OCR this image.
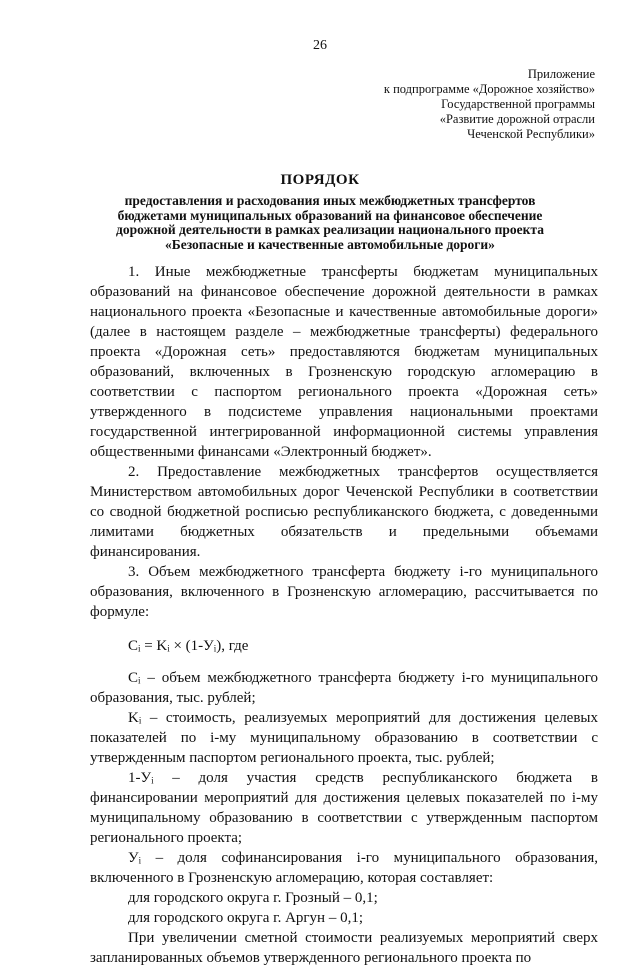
26
Приложение
к подпрограмме «Дорожное хозяйство»
Государственной программы
«Развитие дорожной отрасли
Чеченской Республики»
ПОРЯДОК
предоставления и расходования иных межбюджетных трансфертов
бюджетами муниципальных образований на финансовое обеспечение
дорожной деятельности в рамках реализации национального проекта
«Безопасные и качественные автомобильные дороги»

1. Иные межбюджетные трансферты бюджетам муниципальных образований на финансовое обеспечение дорожной деятельности в рамках национального проекта «Безопасные и качественные автомобильные дороги» (далее в настоящем разделе – межбюджетные трансферты) федерального проекта «Дорожная сеть» предоставляются бюджетам муниципальных образований, включенных в Грозненскую городскую агломерацию в соответствии с паспортом регионального проекта «Дорожная сеть» утвержденного в подсистеме управления национальными проектами государственной интегрированной информационной системы управления общественными финансами «Электронный бюджет».

2. Предоставление межбюджетных трансфертов осуществляется Министерством автомобильных дорог Чеченской Республики в соответствии со сводной бюджетной росписью республиканского бюджета, с доведенными лимитами бюджетных обязательств и предельными объемами финансирования.

3. Объем межбюджетного трансферта бюджету i-го муниципального образования, включенного в Грозненскую агломерацию, рассчитывается по формуле:

Cᵢ = Kᵢ × (1-Уᵢ), где

Cᵢ – объем межбюджетного трансферта бюджету i-го муниципального образования, тыс. рублей;

Kᵢ – стоимость, реализуемых мероприятий для достижения целевых показателей по i-му муниципальному образованию в соответствии с утвержденным паспортом регионального проекта, тыс. рублей;

1-Уᵢ – доля участия средств республиканского бюджета в финансировании мероприятий для достижения целевых показателей по i-му муниципальному образованию в соответствии с утвержденным паспортом регионального проекта;

Уᵢ – доля софинансирования i-го муниципального образования, включенного в Грозненскую агломерацию, которая составляет:

для городского округа г. Грозный – 0,1;

для городского округа г. Аргун – 0,1;

При увеличении сметной стоимости реализуемых мероприятий сверх запланированных объемов утвержденного регионального проекта по
